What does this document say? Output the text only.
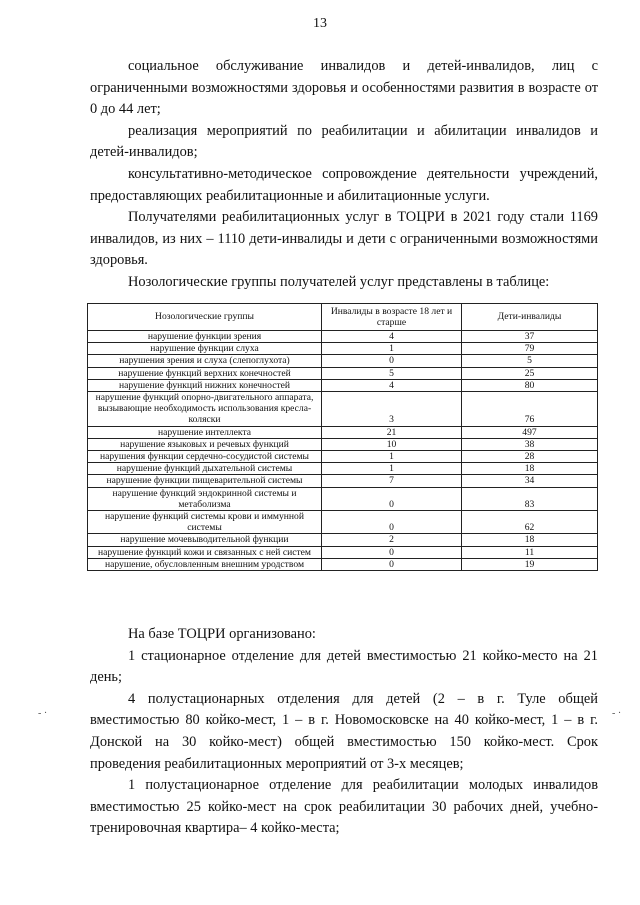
13

социальное обслуживание инвалидов и детей-инвалидов, лиц с ограниченными возможностями здоровья и особенностями развития в возрасте от 0 до 44 лет;

реализация мероприятий по реабилитации и абилитации инвалидов и детей-инвалидов;

консультативно-методическое сопровождение деятельности учреждений, предоставляющих реабилитационные и абилитационные услуги.

Получателями реабилитационных услуг в ТОЦРИ в 2021 году стали 1169 инвалидов, из них – 1110 дети-инвалиды и дети с ограниченными возможностями здоровья.

Нозологические группы получателей услуг представлены в таблице:

Нозологические группы	Инвалиды в возрасте 18 лет и старше	Дети-инвалиды
нарушение функции зрения	4	37
нарушение функции слуха	1	79
нарушения зрения и слуха (слепоглухота)	0	5
нарушение функций верхних конечностей	5	25
нарушение функций нижних конечностей	4	80
нарушение функций опорно-двигательного аппарата, вызывающие необходимость использования кресла-коляски	3	76
нарушение интеллекта	21	497
нарушение языковых и речевых функций	10	38
нарушения функции сердечно-сосудистой системы	1	28
нарушение функций дыхательной системы	1	18
нарушение функции пищеварительной системы	7	34
нарушение функций эндокринной системы и метаболизма	0	83
нарушение функций системы крови и иммунной системы	0	62
нарушение мочевыводительной функции	2	18
нарушение функций кожи и связанных с ней систем	0	11
нарушение, обусловленным внешним уродством	0	19

На базе ТОЦРИ организовано:

1 стационарное отделение для детей вместимостью 21 койко-место на 21 день;

4 полустационарных отделения для детей (2 – в г. Туле общей вместимостью 80 койко-мест, 1 – в г. Новомосковске на 40 койко-мест, 1 – в г. Донской на 30 койко-мест) общей вместимостью 150 койко-мест. Срок проведения реабилитационных мероприятий от 3-х месяцев;

1 полустационарное отделение для реабилитации молодых инвалидов вместимостью 25 койко-мест на срок реабилитации 30 рабочих дней, учебно-тренировочная квартира– 4 койко-места;

- ·	- ·
